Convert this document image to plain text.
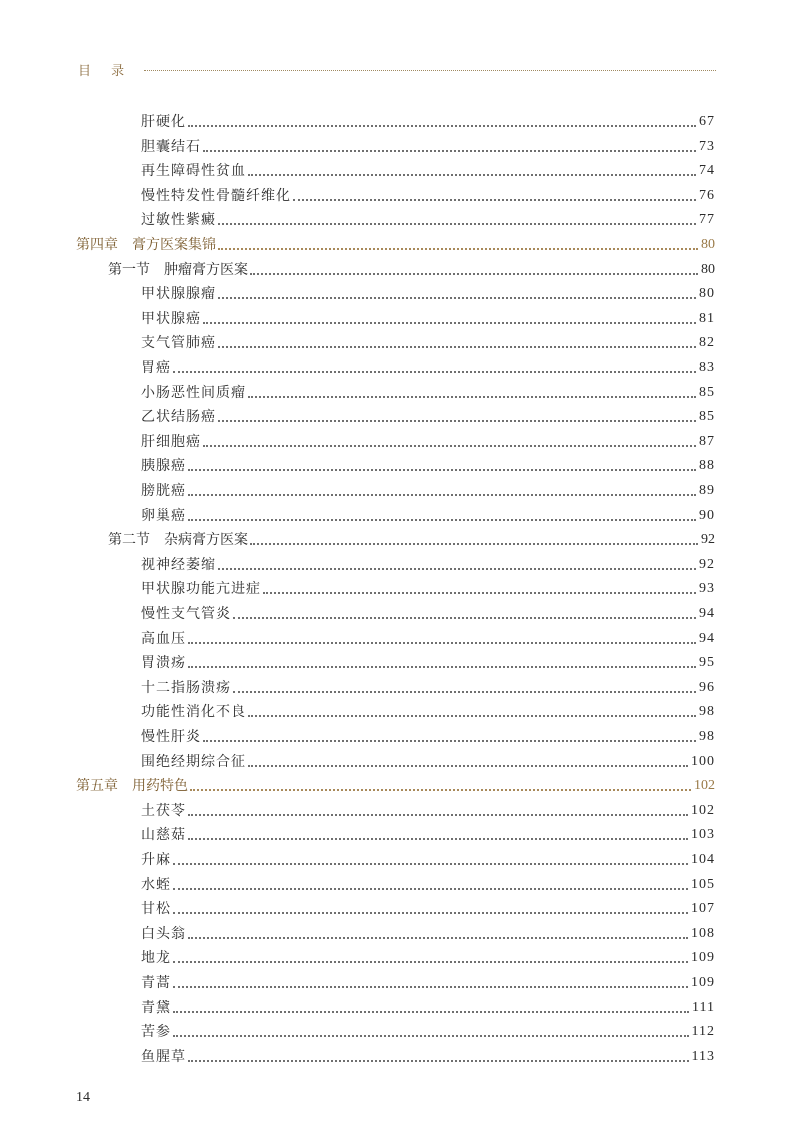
目 录
肝硬化	67
胆囊结石	73
再生障碍性贫血	74
慢性特发性骨髓纤维化	76
过敏性紫癜	77
第四章 膏方医案集锦	80
第一节 肿瘤膏方医案	80
甲状腺腺瘤	80
甲状腺癌	81
支气管肺癌	82
胃癌	83
小肠恶性间质瘤	85
乙状结肠癌	85
肝细胞癌	87
胰腺癌	88
膀胱癌	89
卵巢癌	90
第二节 杂病膏方医案	92
视神经萎缩	92
甲状腺功能亢进症	93
慢性支气管炎	94
高血压	94
胃溃疡	95
十二指肠溃疡	96
功能性消化不良	98
慢性肝炎	98
围绝经期综合征	100
第五章 用药特色	102
土茯苓	102
山慈菇	103
升麻	104
水蛭	105
甘松	107
白头翁	108
地龙	109
青蒿	109
青黛	111
苦参	112
鱼腥草	113
14
